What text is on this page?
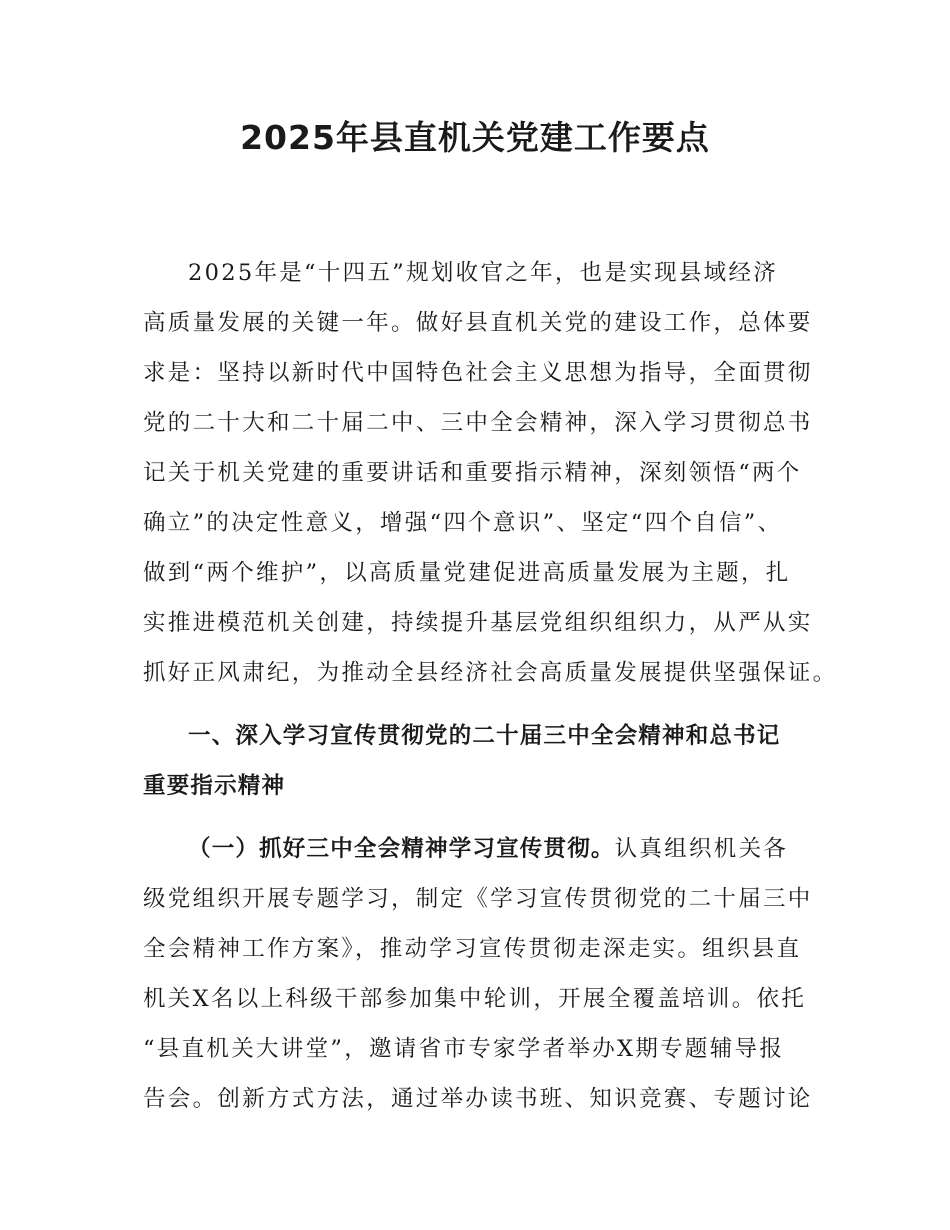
2025年县直机关党建工作要点
2025年是“十四五”规划收官之年，也是实现县域经济
高质量发展的关键一年。做好县直机关党的建设工作，总体要
求是：坚持以新时代中国特色社会主义思想为指导，全面贯彻
党的二十大和二十届二中、三中全会精神，深入学习贯彻总书
记关于机关党建的重要讲话和重要指示精神，深刻领悟“两个
确立”的决定性意义，增强“四个意识”、坚定“四个自信”、
做到“两个维护”，以高质量党建促进高质量发展为主题，扎
实推进模范机关创建，持续提升基层党组织组织力，从严从实
抓好正风肃纪，为推动全县经济社会高质量发展提供坚强保证。
一、深入学习宣传贯彻党的二十届三中全会精神和总书记
重要指示精神
（一）抓好三中全会精神学习宣传贯彻。认真组织机关各
级党组织开展专题学习，制定《学习宣传贯彻党的二十届三中
全会精神工作方案》，推动学习宣传贯彻走深走实。组织县直
机关X名以上科级干部参加集中轮训，开展全覆盖培训。依托
“县直机关大讲堂”，邀请省市专家学者举办X期专题辅导报
告会。创新方式方法，通过举办读书班、知识竞赛、专题讨论
